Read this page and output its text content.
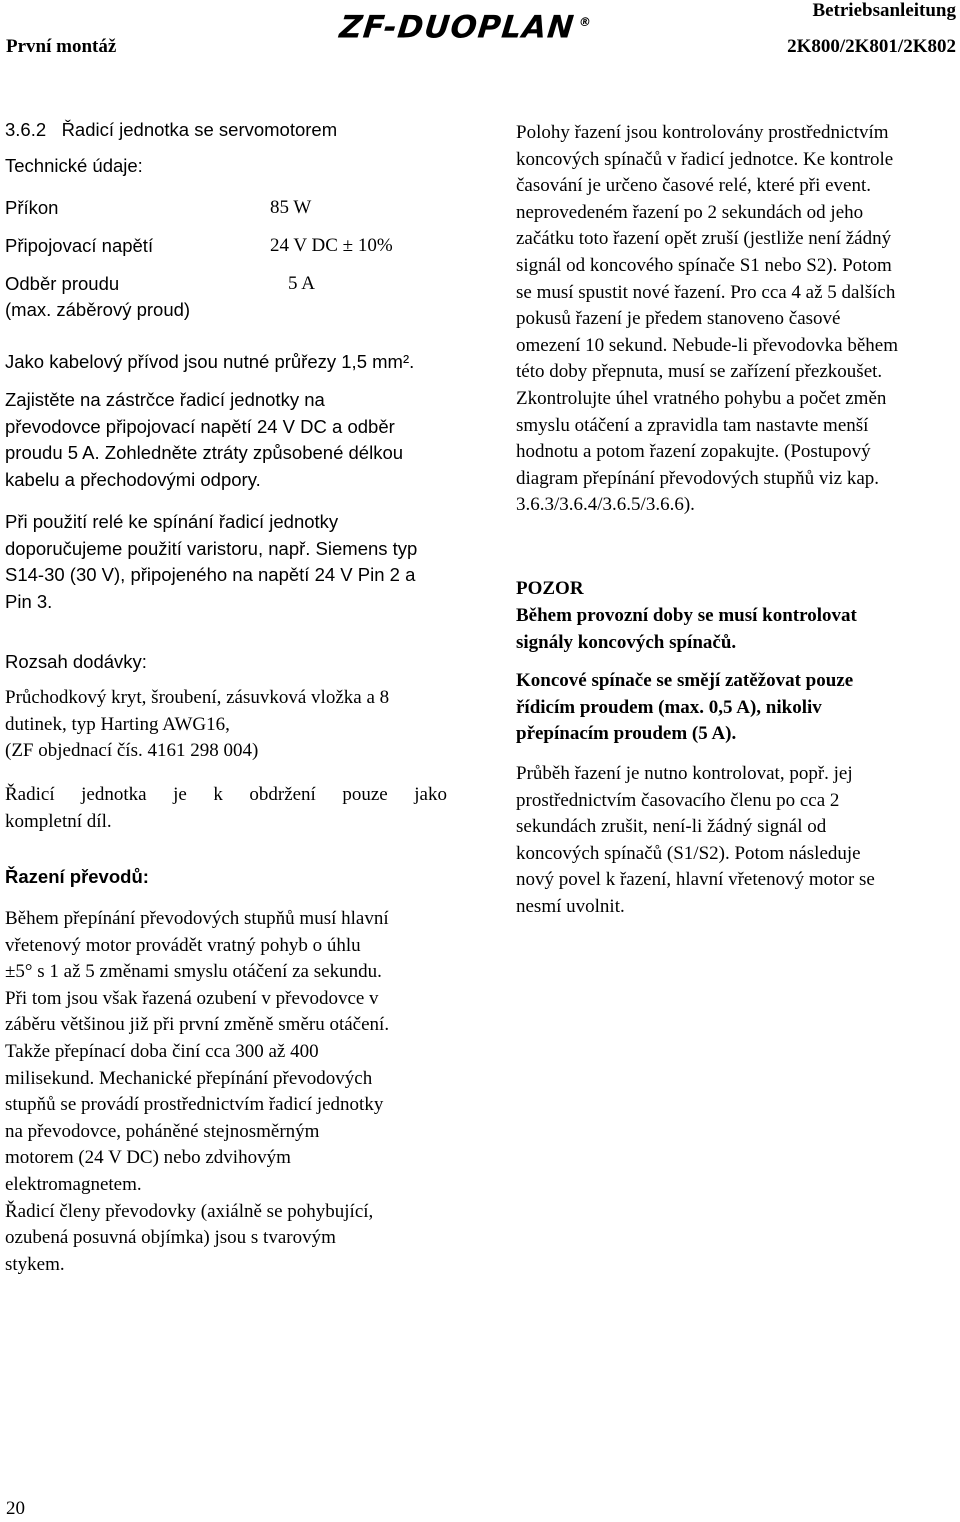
První montáž
ZF-DUOPLAN ®
Betriebsanleitung
2K800/2K801/2K802

3.6.2   Řadicí jednotka se servomotorem

Technické údaje:

Příkon	85 W
Připojovací napětí	24 V DC ± 10%
Odběr proudu	5 A

(max. záběrový proud)

Jako kabelový přívod jsou nutné průřezy 1,5 mm².

Zajistěte na zástrčce řadicí jednotky na

převodovce připojovací napětí 24 V DC a odběr

proudu 5 A. Zohledněte ztráty způsobené délkou

kabelu a přechodovými odpory.

Při použití relé ke spínání řadicí jednotky

doporučujeme použití varistoru, např. Siemens typ

S14-30 (30 V), připojeného na napětí 24 V Pin 2 a

Pin 3.

Rozsah dodávky:

Průchodkový kryt, šroubení, zásuvková vložka a 8

dutinek, typ Harting AWG16,

(ZF objednací čís. 4161 298 004)

Řadicí jednotka je k obdržení pouze jako

kompletní díl.

Řazení převodů:

Během přepínání převodových stupňů musí hlavní

vřetenový motor provádět vratný pohyb o úhlu

±5° s 1 až 5 změnami smyslu otáčení za sekundu.

Při tom jsou však řazená ozubení v převodovce v

záběru většinou již při první změně směru otáčení.

Takže přepínací doba činí cca 300 až 400

milisekund. Mechanické přepínání převodových

stupňů se provádí prostřednictvím řadicí jednotky

na převodovce, poháněné stejnosměrným

motorem (24 V DC) nebo zdvihovým

elektromagnetem.

Řadicí členy převodovky (axiálně se pohybující,

ozubená posuvná objímka) jsou s tvarovým

stykem.

Polohy řazení jsou kontrolovány prostřednictvím

koncových spínačů v řadicí jednotce. Ke kontrole

časování je určeno časové relé, které při event.

neprovedeném řazení po 2 sekundách od jeho

začátku toto řazení opět zruší (jestliže není žádný

signál od koncového spínače S1 nebo S2). Potom

se musí spustit nové řazení. Pro cca 4 až 5 dalších

pokusů řazení je předem stanoveno časové

omezení 10 sekund. Nebude-li převodovka během

této doby přepnuta, musí se zařízení přezkoušet.

Zkontrolujte úhel vratného pohybu a počet změn

smyslu otáčení a zpravidla tam nastavte menší

hodnotu a potom řazení zopakujte. (Postupový

diagram přepínání převodových stupňů viz kap.

3.6.3/3.6.4/3.6.5/3.6.6).

POZOR

Během provozní doby se musí kontrolovat

signály koncových spínačů.

Koncové spínače se smějí zatěžovat pouze

řídicím proudem (max. 0,5 A), nikoliv

přepínacím proudem (5 A).

Průběh řazení je nutno kontrolovat, popř. jej

prostřednictvím časovacího členu po cca 2

sekundách zrušit, není-li žádný signál od

koncových spínačů (S1/S2). Potom následuje

nový povel k řazení, hlavní vřetenový motor se

nesmí uvolnit.

20
